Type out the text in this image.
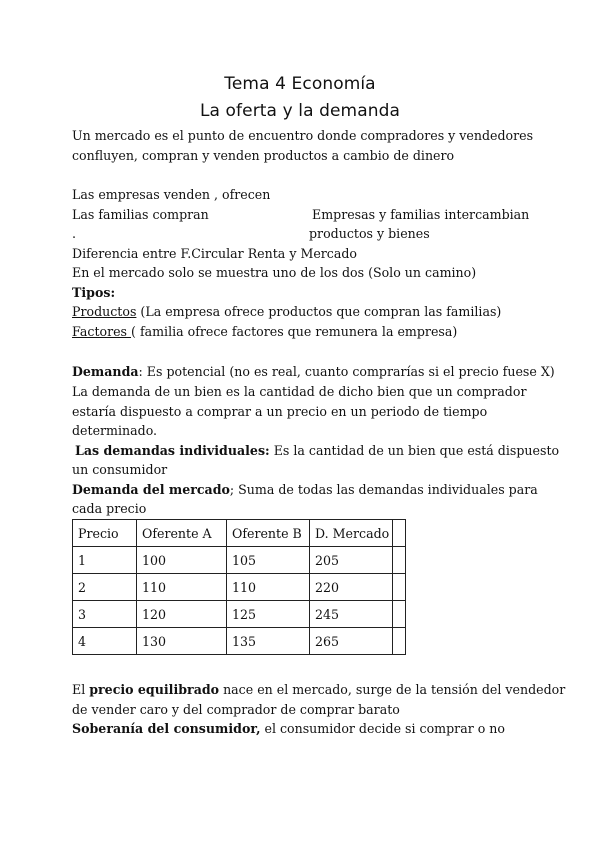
Tema 4 Economía
La oferta y la demanda
Un mercado es el punto de encuentro donde compradores y vendedores
confluyen, compran y venden productos a cambio de dinero
Las empresas venden , ofrecen
Las familias compran	Empresas y familias intercambian
.	productos y bienes
Diferencia entre F.Circular Renta y Mercado
En el mercado solo se muestra uno de los dos (Solo un camino)
Tipos:
Productos (La empresa ofrece productos que compran las familias)
Factores ( familia ofrece factores que remunera la empresa)
Demanda: Es potencial (no es real, cuanto comprarías si el precio fuese X)
La demanda de un bien es la cantidad de dicho bien que un comprador
estaría dispuesto a comprar a un precio en un periodo de tiempo
determinado.
Las demandas individuales: Es la cantidad de un bien que está dispuesto
un consumidor
Demanda del mercado; Suma de todas las demandas individuales para
cada precio
Precio	Oferente A	Oferente B	D. Mercado	
1	100	105	205	
2	110	110	220	
3	120	125	245	
4	130	135	265	
El precio equilibrado nace en el mercado, surge de la tensión del vendedor
de vender caro y del comprador de comprar barato
Soberanía del consumidor, el consumidor decide si comprar o no
